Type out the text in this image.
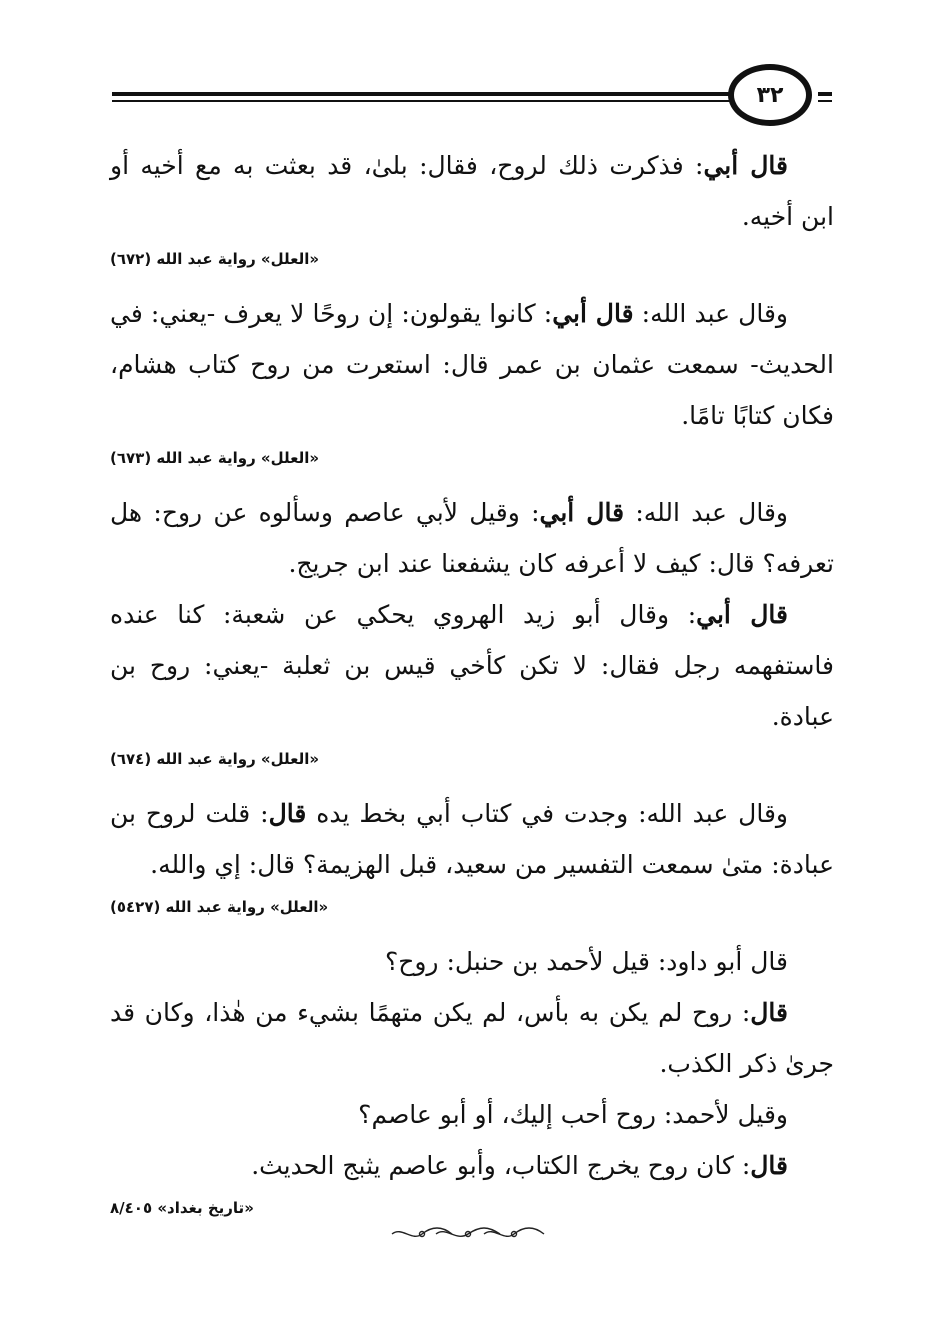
٣٢

قال أبي: فذكرت ذلك لروح، فقال: بلىٰ، قد بعثت به مع أخيه أو ابن أخيه.

«العلل» رواية عبد الله (٦٧٢)

وقال عبد الله: قال أبي: كانوا يقولون: إن روحًا لا يعرف -يعني: في الحديث- سمعت عثمان بن عمر قال: استعرت من روح كتاب هشام، فكان كتابًا تامًا.

«العلل» رواية عبد الله (٦٧٣)

وقال عبد الله: قال أبي: وقيل لأبي عاصم وسألوه عن روح: هل تعرفه؟ قال: كيف لا أعرفه كان يشفعنا عند ابن جريج.

قال أبي: وقال أبو زيد الهروي يحكي عن شعبة: كنا عنده فاستفهمه رجل فقال: لا تكن كأخي قيس بن ثعلبة -يعني: روح بن عبادة.

«العلل» رواية عبد الله (٦٧٤)

وقال عبد الله: وجدت في كتاب أبي بخط يده قال: قلت لروح بن عبادة: متىٰ سمعت التفسير من سعيد، قبل الهزيمة؟ قال: إي والله.

«العلل» رواية عبد الله (٥٤٢٧)

قال أبو داود: قيل لأحمد بن حنبل: روح؟

قال: روح لم يكن به بأس، لم يكن متهمًا بشيء من هٰذا، وكان قد جرىٰ ذكر الكذب.

وقيل لأحمد: روح أحب إليك، أو أبو عاصم؟

قال: كان روح يخرج الكتاب، وأبو عاصم يثبج الحديث.

«تاريخ بغداد» ٨/٤٠٥
